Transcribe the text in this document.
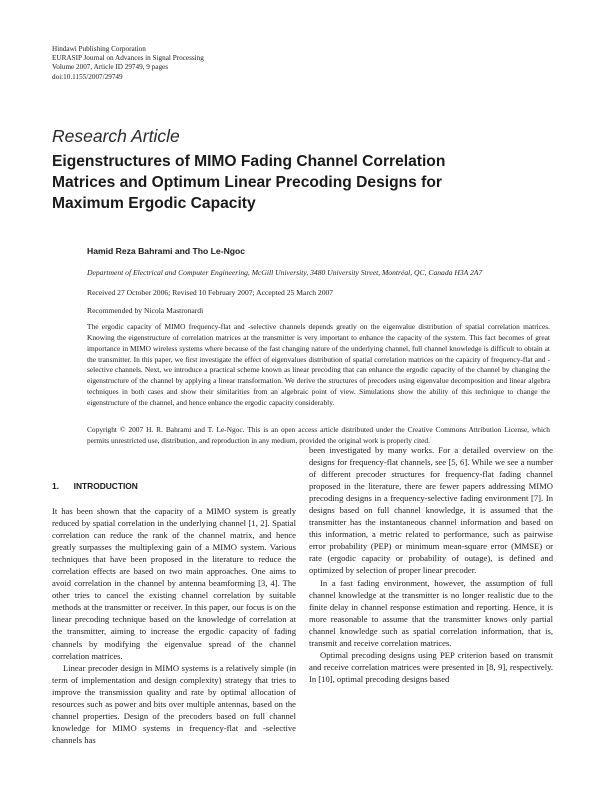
Hindawi Publishing Corporation
EURASIP Journal on Advances in Signal Processing
Volume 2007, Article ID 29749, 9 pages
doi:10.1155/2007/29749
Research Article
Eigenstructures of MIMO Fading Channel Correlation
Matrices and Optimum Linear Precoding Designs for
Maximum Ergodic Capacity
Hamid Reza Bahrami and Tho Le-Ngoc
Department of Electrical and Computer Engineering, McGill University, 3480 University Street, Montréal, QC, Canada H3A 2A7
Received 27 October 2006; Revised 10 February 2007; Accepted 25 March 2007
Recommended by Nicola Mastronardi
The ergodic capacity of MIMO frequency-flat and -selective channels depends greatly on the eigenvalue distribution of spatial correlation matrices. Knowing the eigenstructure of correlation matrices at the transmitter is very important to enhance the capacity of the system. This fact becomes of great importance in MIMO wireless systems where because of the fast changing nature of the underlying channel, full channel knowledge is difficult to obtain at the transmitter. In this paper, we first investigate the effect of eigenvalues distribution of spatial correlation matrices on the capacity of frequency-flat and -selective channels. Next, we introduce a practical scheme known as linear precoding that can enhance the ergodic capacity of the channel by changing the eigenstructure of the channel by applying a linear transformation. We derive the structures of precoders using eigenvalue decomposition and linear algebra techniques in both cases and show their similarities from an algebraic point of view. Simulations show the ability of this technique to change the eigenstructure of the channel, and hence enhance the ergodic capacity considerably.
Copyright © 2007 H. R. Bahrami and T. Le-Ngoc. This is an open access article distributed under the Creative Commons Attribution License, which permits unrestricted use, distribution, and reproduction in any medium, provided the original work is properly cited.
1. INTRODUCTION

It has been shown that the capacity of a MIMO system is greatly reduced by spatial correlation in the underlying channel [1, 2]. Spatial correlation can reduce the rank of the channel matrix, and hence greatly surpasses the multiplexing gain of a MIMO system. Various techniques that have been proposed in the literature to reduce the correlation effects are based on two main approaches. One aims to avoid correlation in the channel by antenna beamforming [3, 4]. The other tries to cancel the existing channel correlation by suitable methods at the transmitter or receiver. In this paper, our focus is on the linear precoding technique based on the knowledge of correlation at the transmitter, aiming to increase the ergodic capacity of fading channels by modifying the eigenvalue spread of the channel correlation matrices.

Linear precoder design in MIMO systems is a relatively simple (in term of implementation and design complexity) strategy that tries to improve the transmission quality and rate by optimal allocation of resources such as power and bits over multiple antennas, based on the channel properties. Design of the precoders based on full channel knowledge for MIMO systems in frequency-flat and -selective channels has

been investigated by many works. For a detailed overview on the designs for frequency-flat channels, see [5, 6]. While we see a number of different precoder structures for frequency-flat fading channel proposed in the literature, there are fewer papers addressing MIMO precoding designs in a frequency-selective fading environment [7]. In designs based on full channel knowledge, it is assumed that the transmitter has the instantaneous channel information and based on this information, a metric related to performance, such as pairwise error probability (PEP) or minimum mean-square error (MMSE) or rate (ergodic capacity or probability of outage), is defined and optimized by selection of proper linear precoder.

In a fast fading environment, however, the assumption of full channel knowledge at the transmitter is no longer realistic due to the finite delay in channel response estimation and reporting. Hence, it is more reasonable to assume that the transmitter knows only partial channel knowledge such as spatial correlation information, that is, transmit and receive correlation matrices.

Optimal precoding designs using PEP criterion based on transmit and receive correlation matrices were presented in [8, 9], respectively. In [10], optimal precoding designs based
